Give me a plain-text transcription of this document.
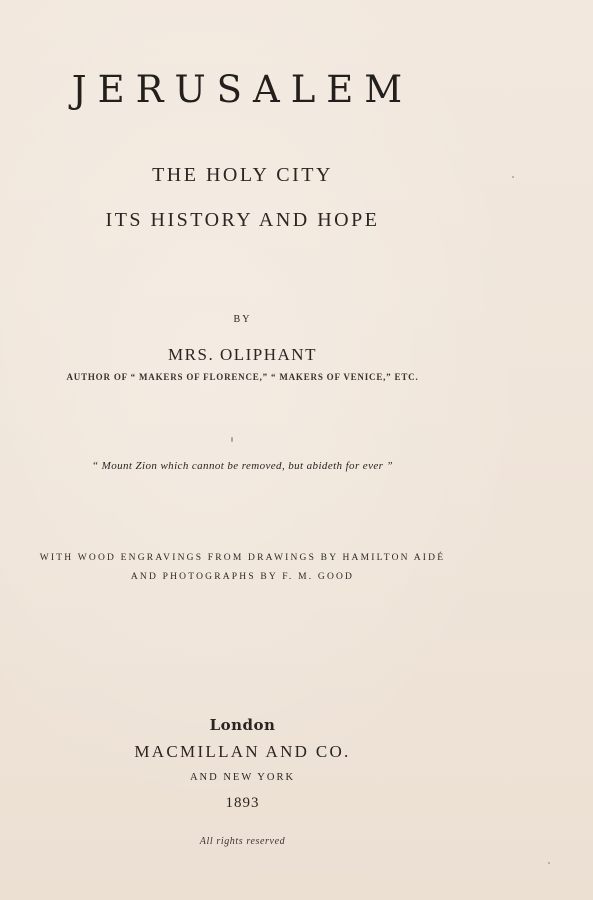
JERUSALEM
THE HOLY CITY
ITS HISTORY AND HOPE
BY
MRS. OLIPHANT
AUTHOR OF “ MAKERS OF FLORENCE,” “ MAKERS OF VENICE,” ETC.
“ Mount Zion which cannot be removed, but abideth for ever ”
WITH WOOD ENGRAVINGS FROM DRAWINGS BY HAMILTON AIDÉ
AND PHOTOGRAPHS BY F. M. GOOD
London
MACMILLAN AND CO.
AND NEW YORK
1893
All rights reserved
